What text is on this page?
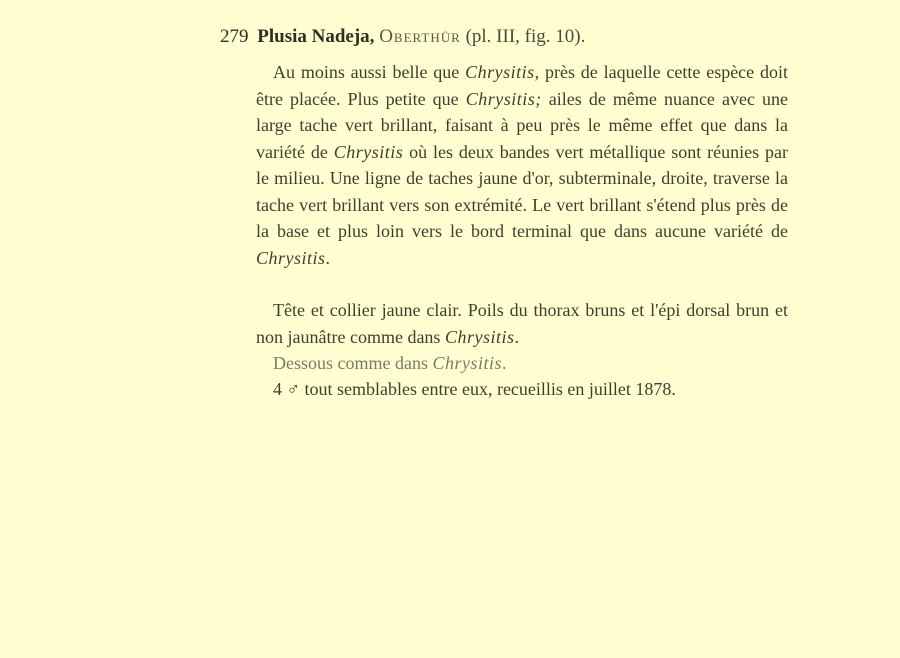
279 Plusia Nadeja, Oberthür (pl. III, fig. 10).

Au moins aussi belle que Chrysitis, près de laquelle cette espèce doit être placée. Plus petite que Chrysitis; ailes de même nuance avec une large tache vert brillant, faisant à peu près le même effet que dans la variété de Chrysitis où les deux bandes vert métallique sont réunies par le milieu. Une ligne de taches jaune d'or, subterminale, droite, traverse la tache vert brillant vers son extrémité. Le vert brillant s'étend plus près de la base et plus loin vers le bord terminal que dans aucune variété de Chrysitis.

Tête et collier jaune clair. Poils du thorax bruns et l'épi dorsal brun et non jaunâtre comme dans Chrysitis.

Dessous comme dans Chrysitis.

4 ♂ tout semblables entre eux, recueillis en juillet 1878.
